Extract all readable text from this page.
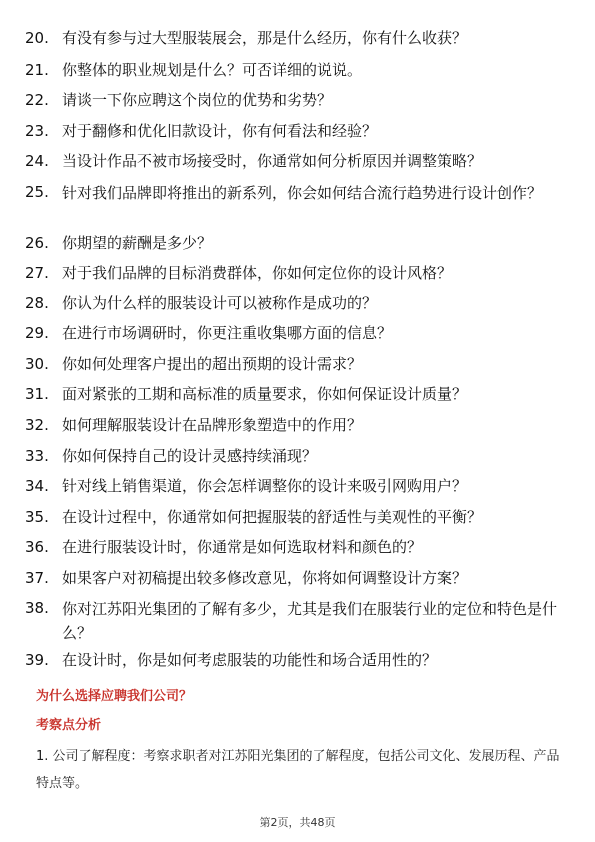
20. 有没有参与过大型服装展会，那是什么经历，你有什么收获？
21. 你整体的职业规划是什么？可否详细的说说。
22. 请谈一下你应聘这个岗位的优势和劣势？
23. 对于翻修和优化旧款设计，你有何看法和经验？
24. 当设计作品不被市场接受时，你通常如何分析原因并调整策略？
25. 针对我们品牌即将推出的新系列，你会如何结合流行趋势进行设计创作？
26. 你期望的薪酬是多少？
27. 对于我们品牌的目标消费群体，你如何定位你的设计风格？
28. 你认为什么样的服装设计可以被称作是成功的？
29. 在进行市场调研时，你更注重收集哪方面的信息？
30. 你如何处理客户提出的超出预期的设计需求？
31. 面对紧张的工期和高标准的质量要求，你如何保证设计质量？
32. 如何理解服装设计在品牌形象塑造中的作用？
33. 你如何保持自己的设计灵感持续涌现？
34. 针对线上销售渠道，你会怎样调整你的设计来吸引网购用户？
35. 在设计过程中，你通常如何把握服装的舒适性与美观性的平衡？
36. 在进行服装设计时，你通常是如何选取材料和颜色的？
37. 如果客户对初稿提出较多修改意见，你将如何调整设计方案？
38. 你对江苏阳光集团的了解有多少，尤其是我们在服装行业的定位和特色是什么？
39. 在设计时，你是如何考虑服装的功能性和场合适用性的？
为什么选择应聘我们公司？
考察点分析
1. 公司了解程度：考察求职者对江苏阳光集团的了解程度，包括公司文化、发展历程、产品特点等。
第2页，共48页
